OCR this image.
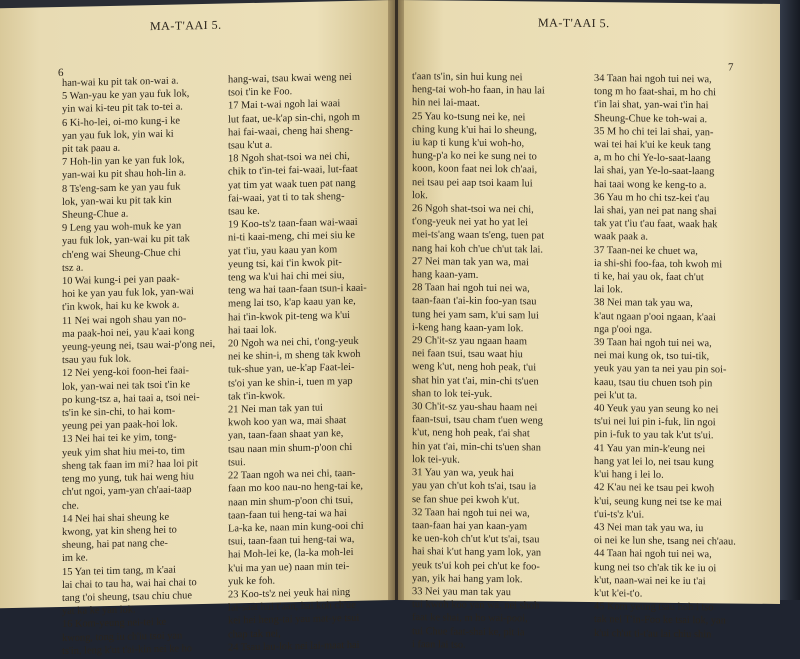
MA-T'AAI 5.
6

han-wai ku pit tak on-wai a.

5 Wan-yau ke yan yau fuk lok,

yin wai ki-teu pit tak to-tei a.

6 Ki-ho-lei, oi-mo kung-i ke

yan yau fuk lok, yin wai ki

pit tak paau a.

7 Hoh-lin yan ke yan fuk lok,

yan-wai ku pit shau hoh-lin a.

8 Ts'eng-sam ke yan yau fuk

lok, yan-wai ku pit tak kin

Sheung-Chue a.

9 Leng yau woh-muk ke yan

yau fuk lok, yan-wai ku pit tak

ch'eng wai Sheung-Chue chi

tsz a.

10 Wai kung-i pei yan paak-

hoi ke yan yau fuk lok, yan-wai

t'in kwok, hai ku ke kwok a.

11 Nei wai ngoh shau yan no-

ma paak-hoi nei, yau k'aai kong

yeung-yeung nei, tsau wai-p'ong nei,

tsau yau fuk lok.

12 Nei yeng-koi foon-hei faai-

lok, yan-wai nei tak tsoi t'in ke

po kung-tsz a, hai taai a, tsoi nei-

ts'in ke sin-chi, to hai kom-

yeung pei yan paak-hoi lok.

13 Nei hai tei ke yim, tong-

yeuk yim shat hiu mei-to, tim

sheng tak faan im mi? haa loi pit

teng mo yung, tuk hai weng hiu

ch'ut ngoi, yam-yan ch'aai-taap

che.

14 Nei hai shai sheung ke

kwong, yat kin sheng hei to

sheung, hai pat nang che-

im ke.

15 Yan tei tim tang, m k'aai

lai chai to tau ha, wai hai chai to

tang t'oi sheung, tsau chiu chue

yat ka ke yan lok.

16 Kom-yeung nei-tei ke

kwong, tong iu ch'iu tsoi yan

ts'in, leng k'ut t'ai-kin nei ke ho

hang-wai, tsau kwai weng nei

tsoi t'in ke Foo.

17 Mai t-wai ngoh lai waai

lut faat, ue-k'ap sin-chi, ngoh m

hai fai-waai, cheng hai sheng-

tsau k'ut a.

18 Ngoh shat-tsoi wa nei chi,

chik to t'in-tei fai-waai, lut-faat

yat tim yat waak tuen pat nang

fai-waai, yat ti to tak sheng-

tsau ke.

19 Koo-ts'z taan-faan wai-waai

ni-ti kaai-meng, chi mei siu ke

yat t'iu, yau kaau yan kom

yeung tsi, kai t'in kwok pit-

teng wa k'ui hai chi mei siu,

teng wa hai taan-faan tsun-i kaai-

meng lai tso, k'ap kaau yan ke,

hai t'in-kwok pit-teng wa k'ui

hai taai lok.

20 Ngoh wa nei chi, t'ong-yeuk

nei ke shin-i, m sheng tak kwoh

tuk-shue yan, ue-k'ap Faat-lei-

ts'oi yan ke shin-i, tuen m yap

tak t'in-kwok.

21 Nei man tak yan tui

kwoh koo yan wa, mai shaat

yan, taan-faan shaat yan ke,

tsau naan min shum-p'oon chi

tsui.

22 Taan ngoh wa nei chi, taan-

faan mo koo nau-no heng-tai ke,

naan min shum-p'oon chi tsui,

taan-faan tui heng-tai wa hai

La-ka ke, naan min kung-ooi chi

tsui, taan-faan tui heng-tai wa,

hai Moh-lei ke, (la-ka moh-lei

k'ui ma yan ue) naan min tei-

yuk ke foh.

23 Koo-ts'z nei yeuk hai ning

lai-saat hui t'aan, hai koh ch'ue

kei hei heng-tai yau mat-ye tsui

chap tak nei,

24 Tsau lau-lok nei lai-maat hai

MA-T'AAI 5.
7

t'aan ts'in, sin hui kung nei

heng-tai woh-ho faan, in hau lai

hin nei lai-maat.

25 Yau ko-tsung nei ke, nei

ching kung k'ui hai lo sheung,

iu kap ti kung k'ui woh-ho,

hung-p'a ko nei ke sung nei to

koon, koon faat nei lok ch'aai,

nei tsau pei aap tsoi kaam lui

lok.

26 Ngoh shat-tsoi wa nei chi,

t'ong-yeuk nei yat ho yat lei

mei-ts'ang waan ts'eng, tuen pat

nang hai koh ch'ue ch'ut tak lai.

27 Nei man tak yan wa, mai

hang kaan-yam.

28 Taan hai ngoh tui nei wa,

taan-faan t'ai-kin foo-yan tsau

tung hei yam sam, k'ui sam lui

i-keng hang kaan-yam lok.

29 Ch'it-sz yau ngaan haam

nei faan tsui, tsau waat hiu

weng k'ut, neng hoh peak, t'ui

shat hin yat t'ai, min-chi ts'uen

shan to lok tei-yuk.

30 Ch'it-sz yau-shau haam nei

faan-tsui, tsau cham t'uen weng

k'ut, neng hoh peak, t'ai shat

hin yat t'ai, min-chi ts'uen shan

lok tei-yuk.

31 Yau yan wa, yeuk hai

yau yan ch'ut koh ts'ai, tsau ia

se fan shue pei kwoh k'ut.

32 Taan hai ngoh tui nei wa,

taan-faan hai yan kaan-yam

ke uen-koh ch'ut k'ut ts'ai, tsau

hai shai k'ut hang yam lok, yan

yeuk ts'ui koh pei ch'ut ke foo-

yan, yik hai hang yam lok.

33 Nei yau man tak yau

tui kwoh koo yan wa, nei shoh

faat ke shai, m ho wai-pooi,

tui Chue faat-shai ke, pit ia

i faan lai tso.

34 Taan hai ngoh tui nei wa,

tong m ho faat-shai, m ho chi

t'in lai shat, yan-wai t'in hai

Sheung-Chue ke toh-wai a.

35 M ho chi tei lai shai, yan-

wai tei hai k'ui ke keuk tang

a, m ho chi Ye-lo-saat-laang

lai shai, yan Ye-lo-saat-laang

hai taai wong ke keng-to a.

36 Yau m ho chi tsz-kei t'au

lai shai, yan nei pat nang shai

tak yat t'iu t'au faat, waak hak

waak paak a.

37 Taan-nei ke chuet wa,

ia shi-shi foo-faa, toh kwoh mi

ti ke, hai yau ok, faat ch'ut

lai lok.

38 Nei man tak yau wa,

k'aut ngaan p'ooi ngaan, k'aai

nga p'ooi nga.

39 Taan hai ngoh tui nei wa,

nei mai kung ok, tso tui-tik,

yeuk yau yan ta nei yau pin soi-

kaau, tsau tiu chuen tsoh pin

pei k'ut ta.

40 Yeuk yau yan seung ko nei

ts'ui nei lui pin i-fuk, lin ngoi

pin i-fuk to yau tak k'ut ts'ui.

41 Yau yan min-k'eung nei

hang yat lei lo, nei tsau kung

k'ui hang i lei lo.

42 K'au nei ke tsau pei kwoh

k'ui, seung kung nei tse ke mai

t'ui-ts'z k'ui.

43 Nei man tak yau wa, iu

oi nei ke lun she, tsang nei ch'aau.

44 Taan hai ngoh tui nei wa,

kung nei tso ch'ak tik ke iu oi

k'ut, naan-wai nei ke iu t'ai

k'ut k'ei-t'o.

45 Kom yeung tsau hoh i tso

tak nei T'in-Foo ke tsai lok, yan

k'ui ch'ut ti-t'au lai chiu shin
